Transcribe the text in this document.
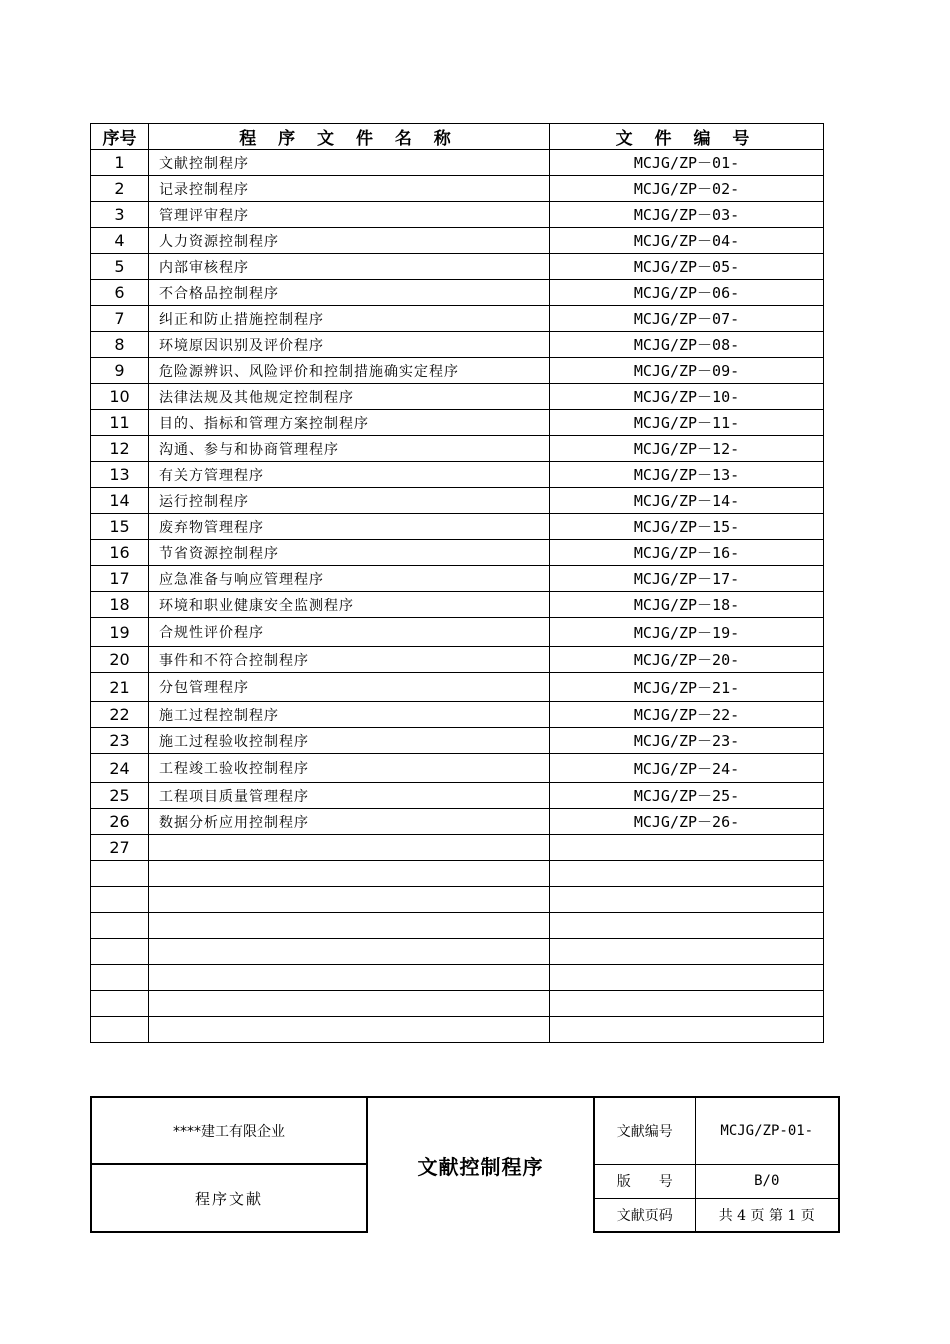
序号	程 序 文 件 名 称	文 件 编 号
1	文献控制程序	MCJG/ZP－01-
2	记录控制程序	MCJG/ZP－02-
3	管理评审程序	MCJG/ZP－03-
4	人力资源控制程序	MCJG/ZP－04-
5	内部审核程序	MCJG/ZP－05-
6	不合格品控制程序	MCJG/ZP－06-
7	纠正和防止措施控制程序	MCJG/ZP－07-
8	环境原因识别及评价程序	MCJG/ZP－08-
9	危险源辨识、风险评价和控制措施确实定程序	MCJG/ZP－09-
10	法律法规及其他规定控制程序	MCJG/ZP－10-
11	目的、指标和管理方案控制程序	MCJG/ZP－11-
12	沟通、参与和协商管理程序	MCJG/ZP－12-
13	有关方管理程序	MCJG/ZP－13-
14	运行控制程序	MCJG/ZP－14-
15	废弃物管理程序	MCJG/ZP－15-
16	节省资源控制程序	MCJG/ZP－16-
17	应急准备与响应管理程序	MCJG/ZP－17-
18	环境和职业健康安全监测程序	MCJG/ZP－18-
19	合规性评价程序	MCJG/ZP－19-
20	事件和不符合控制程序	MCJG/ZP－20-
21	分包管理程序	MCJG/ZP－21-
22	施工过程控制程序	MCJG/ZP－22-
23	施工过程验收控制程序	MCJG/ZP－23-
24	工程竣工验收控制程序	MCJG/ZP－24-
25	工程项目质量管理程序	MCJG/ZP－25-
26	数据分析应用控制程序	MCJG/ZP－26-
27		

****建工有限企业	文献控制程序	文献编号	MCJG/ZP-01-
程序文献		版　　号	B/0
		文献页码	共 4 页 第 1 页
